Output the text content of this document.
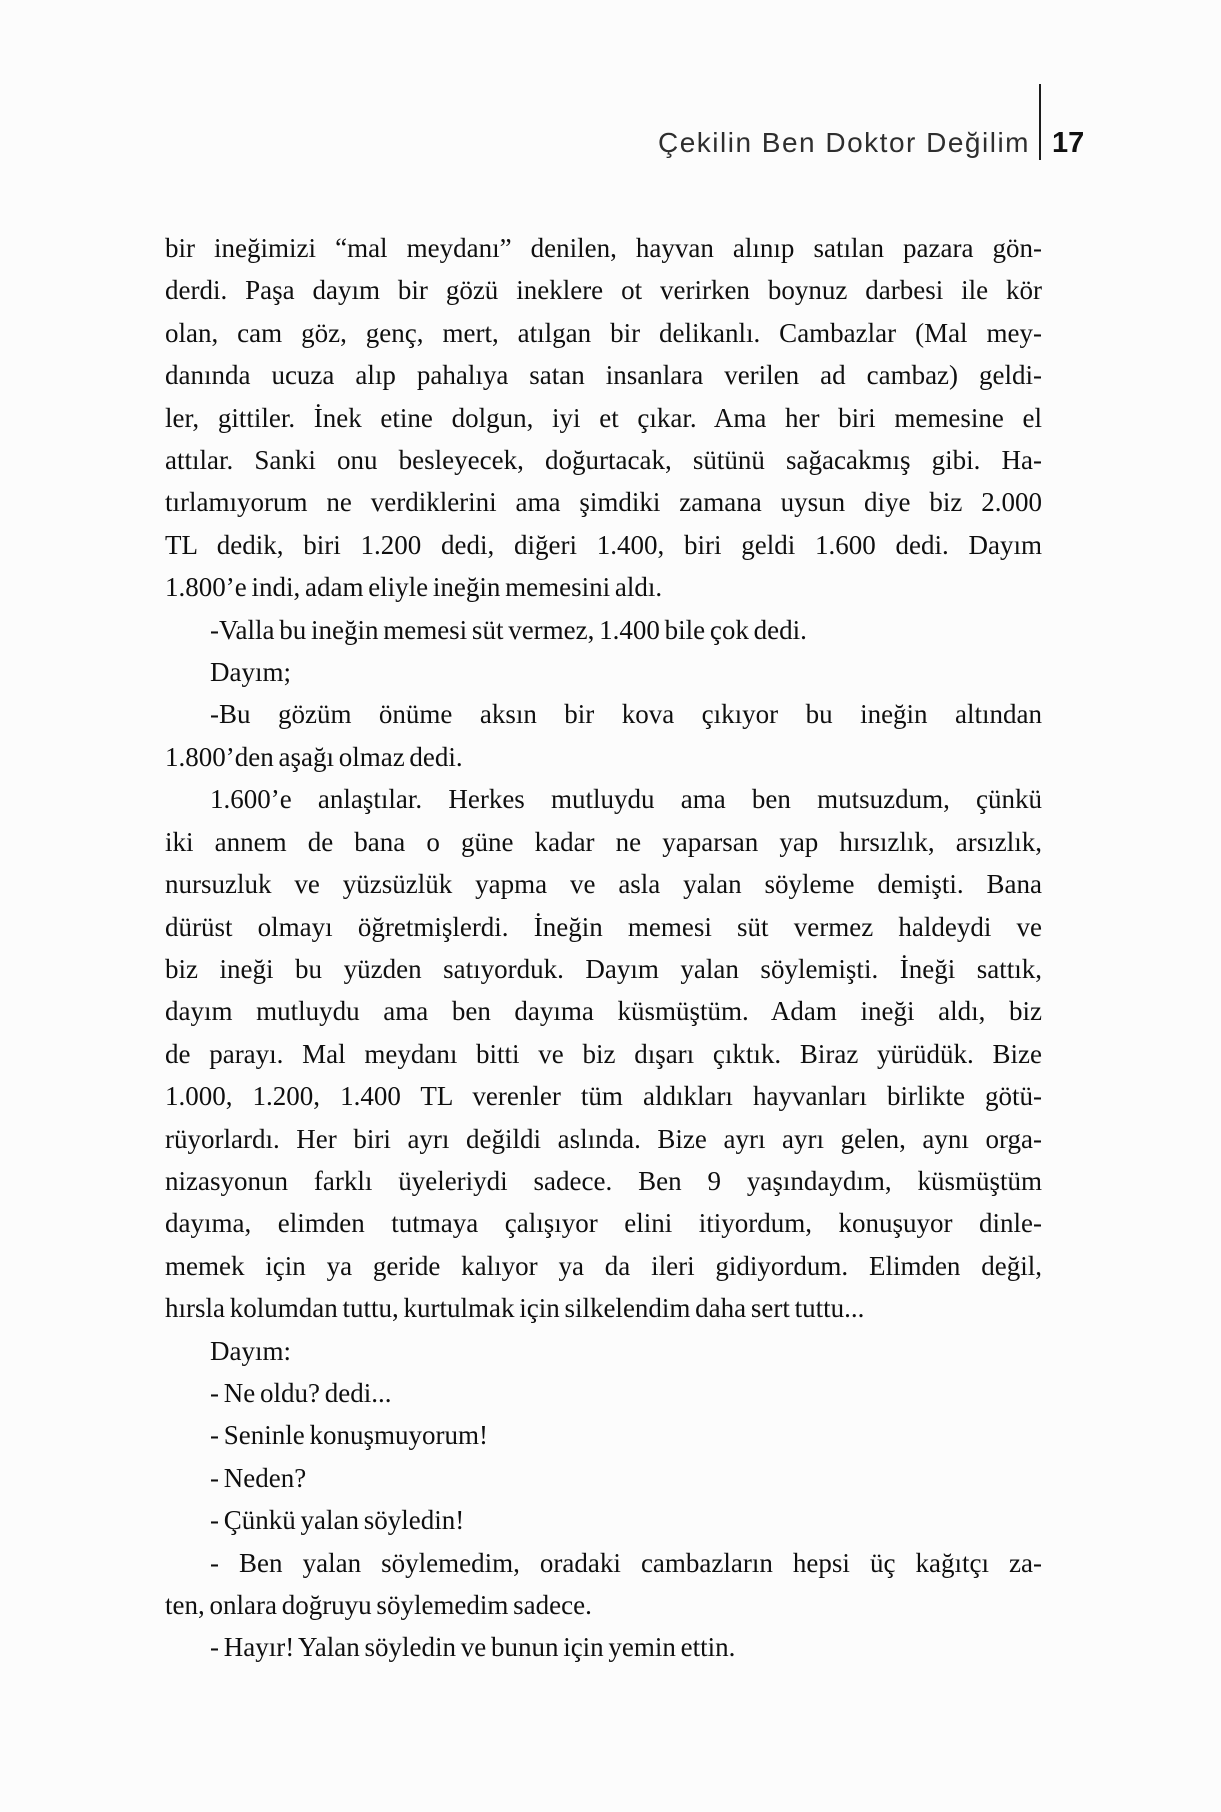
Çekilin Ben Doktor Değilim 17
bir ineğimizi “mal meydanı” denilen, hayvan alınıp satılan pazara gön-
derdi. Paşa dayım bir gözü ineklere ot verirken boynuz darbesi ile kör
olan, cam göz, genç, mert, atılgan bir delikanlı. Cambazlar (Mal mey-
danında ucuza alıp pahalıya satan insanlara verilen ad cambaz) geldi-
ler, gittiler. İnek etine dolgun, iyi et çıkar. Ama her biri memesine el
attılar. Sanki onu besleyecek, doğurtacak, sütünü sağacakmış gibi. Ha-
tırlamıyorum ne verdiklerini ama şimdiki zamana uysun diye biz 2.000
TL dedik, biri 1.200 dedi, diğeri 1.400, biri geldi 1.600 dedi. Dayım
1.800’e indi, adam eliyle ineğin memesini aldı.
-Valla bu ineğin memesi süt vermez, 1.400 bile çok dedi.
Dayım;
-Bu gözüm önüme aksın bir kova çıkıyor bu ineğin altından
1.800’den aşağı olmaz dedi.
1.600’e anlaştılar. Herkes mutluydu ama ben mutsuzdum, çünkü
iki annem de bana o güne kadar ne yaparsan yap hırsızlık, arsızlık,
nursuzluk ve yüzsüzlük yapma ve asla yalan söyleme demişti. Bana
dürüst olmayı öğretmişlerdi. İneğin memesi süt vermez haldeydi ve
biz ineği bu yüzden satıyorduk. Dayım yalan söylemişti. İneği sattık,
dayım mutluydu ama ben dayıma küsmüştüm. Adam ineği aldı, biz
de parayı. Mal meydanı bitti ve biz dışarı çıktık. Biraz yürüdük. Bize
1.000, 1.200, 1.400 TL verenler tüm aldıkları hayvanları birlikte götü-
rüyorlardı. Her biri ayrı değildi aslında. Bize ayrı ayrı gelen, aynı orga-
nizasyonun farklı üyeleriydi sadece. Ben 9 yaşındaydım, küsmüştüm
dayıma, elimden tutmaya çalışıyor elini itiyordum, konuşuyor dinle-
memek için ya geride kalıyor ya da ileri gidiyordum. Elimden değil,
hırsla kolumdan tuttu, kurtulmak için silkelendim daha sert tuttu...
Dayım:
- Ne oldu? dedi...
- Seninle konuşmuyorum!
- Neden?
- Çünkü yalan söyledin!
- Ben yalan söylemedim, oradaki cambazların hepsi üç kağıtçı za-
ten, onlara doğruyu söylemedim sadece.
- Hayır! Yalan söyledin ve bunun için yemin ettin.
